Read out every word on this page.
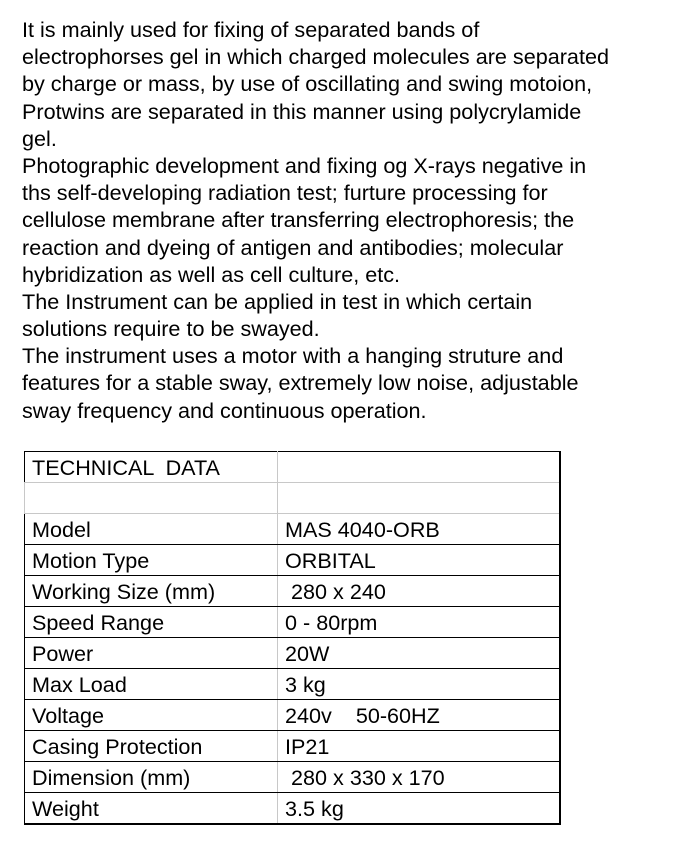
It is mainly used for fixing of separated bands of
electrophorses gel in which charged molecules are separated
by charge or mass, by use of oscillating and swing motoion,
Protwins are separated in this manner using polycrylamide
gel.
Photographic development and fixing og X-rays negative in
ths self-developing radiation test; furture processing for
cellulose membrane after transferring electrophoresis; the
reaction and dyeing of antigen and antibodies; molecular
hybridization as well as cell culture, etc.
The Instrument can be applied in test in which certain
solutions require to be swayed.
The instrument uses a motor with a hanging struture and
features for a stable sway, extremely low noise, adjustable
sway frequency and continuous operation.

TECHNICAL  DATA	

Model	MAS 4040-ORB
Motion Type	ORBITAL
Working Size (mm)	280 x 240
Speed Range	0 - 80rpm
Power	20W
Max Load	3 kg
Voltage	240v    50-60HZ
Casing Protection	IP21
Dimension (mm)	280 x 330 x 170
Weight	3.5 kg
